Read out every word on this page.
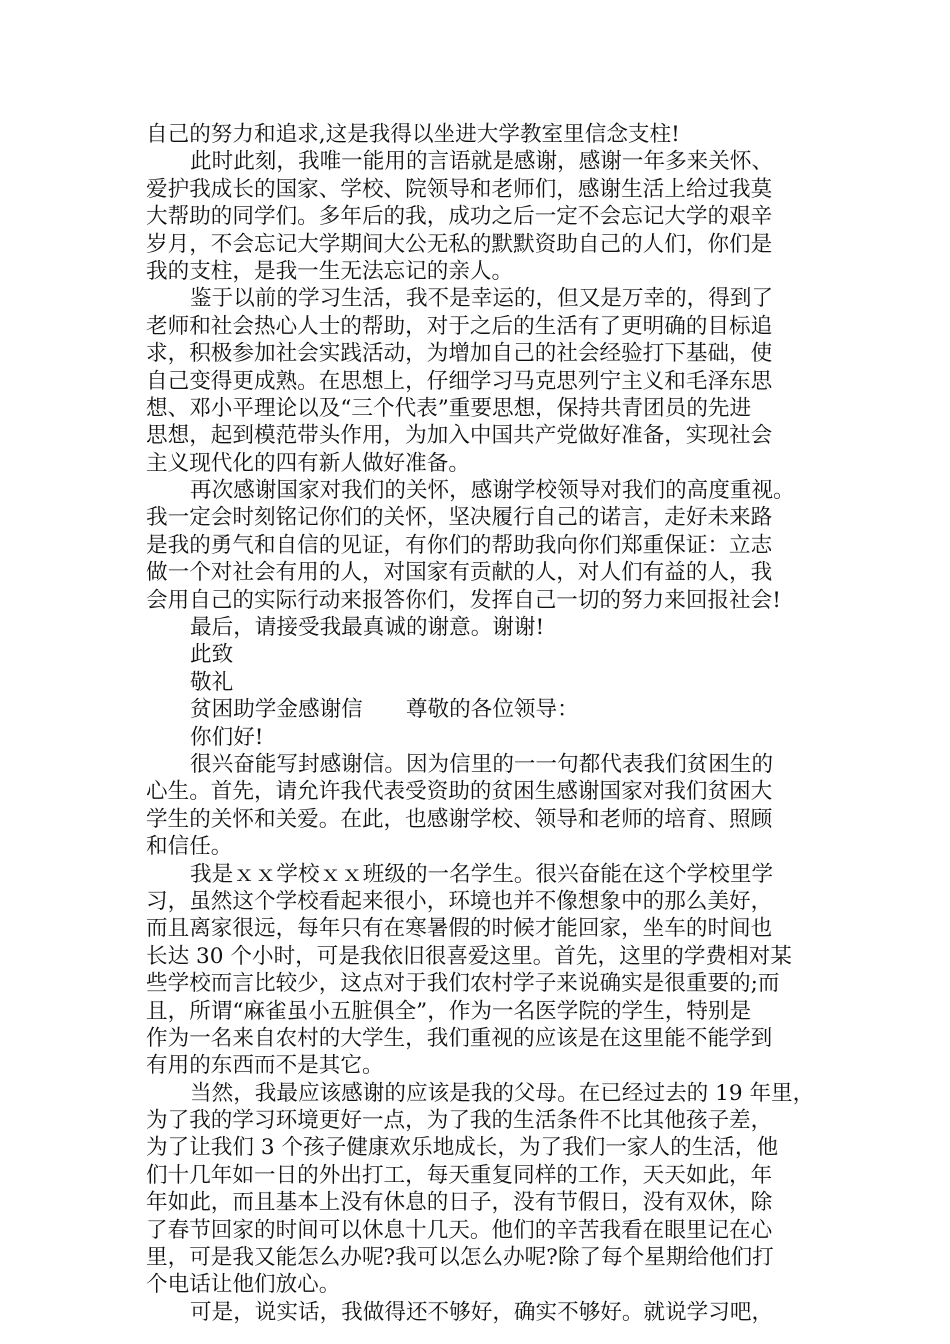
自己的努力和追求,这是我得以坐进大学教室里信念支柱!
此时此刻，我唯一能用的言语就是感谢，感谢一年多来关怀、
爱护我成长的国家、学校、院领导和老师们，感谢生活上给过我莫
大帮助的同学们。多年后的我，成功之后一定不会忘记大学的艰辛
岁月，不会忘记大学期间大公无私的默默资助自己的人们，你们是
我的支柱，是我一生无法忘记的亲人。
鉴于以前的学习生活，我不是幸运的，但又是万幸的，得到了
老师和社会热心人士的帮助，对于之后的生活有了更明确的目标追
求，积极参加社会实践活动，为增加自己的社会经验打下基础，使
自己变得更成熟。在思想上，仔细学习马克思列宁主义和毛泽东思
想、邓小平理论以及“三个代表”重要思想，保持共青团员的先进
思想，起到模范带头作用，为加入中国共产党做好准备，实现社会
主义现代化的四有新人做好准备。
再次感谢国家对我们的关怀，感谢学校领导对我们的高度重视。
我一定会时刻铭记你们的关怀，坚决履行自己的诺言，走好未来路
是我的勇气和自信的见证，有你们的帮助我向你们郑重保证：立志
做一个对社会有用的人，对国家有贡献的人，对人们有益的人，我
会用自己的实际行动来报答你们，发挥自己一切的努力来回报社会!
最后，请接受我最真诚的谢意。谢谢!
此致
敬礼
贫困助学金感谢信　　尊敬的各位领导：
你们好!
很兴奋能写封感谢信。因为信里的一一句都代表我们贫困生的
心生。首先，请允许我代表受资助的贫困生感谢国家对我们贫困大
学生的关怀和关爱。在此，也感谢学校、领导和老师的培育、照顾
和信任。
我是ｘｘ学校ｘｘ班级的一名学生。很兴奋能在这个学校里学
习，虽然这个学校看起来很小，环境也并不像想象中的那么美好，
而且离家很远，每年只有在寒暑假的时候才能回家，坐车的时间也
长达 30 个小时，可是我依旧很喜爱这里。首先，这里的学费相对某
些学校而言比较少，这点对于我们农村学子来说确实是很重要的;而
且，所谓“麻雀虽小五脏俱全”，作为一名医学院的学生，特别是
作为一名来自农村的大学生，我们重视的应该是在这里能不能学到
有用的东西而不是其它。
当然，我最应该感谢的应该是我的父母。在已经过去的 19 年里，
为了我的学习环境更好一点，为了我的生活条件不比其他孩子差，
为了让我们 3 个孩子健康欢乐地成长，为了我们一家人的生活，他
们十几年如一日的外出打工，每天重复同样的工作，天天如此，年
年如此，而且基本上没有休息的日子，没有节假日，没有双休，除
了春节回家的时间可以休息十几天。他们的辛苦我看在眼里记在心
里，可是我又能怎么办呢?我可以怎么办呢?除了每个星期给他们打
个电话让他们放心。
可是，说实话，我做得还不够好，确实不够好。就说学习吧，
